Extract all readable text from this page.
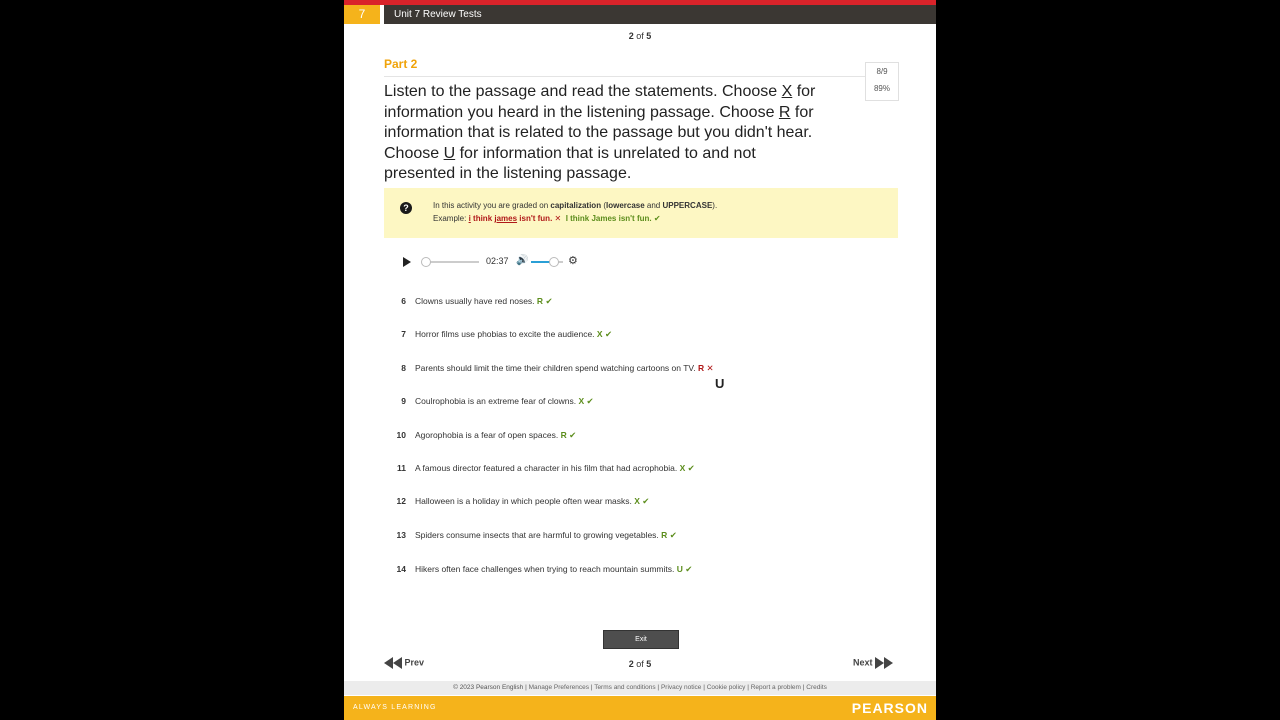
7	Unit 7 Review Tests
2 of 5
Part 2
8/9
89%
Listen to the passage and read the statements. Choose X for information you heard in the listening passage. Choose R for information that is related to the passage but you didn't hear. Choose U for information that is unrelated to and not presented in the listening passage.
?	In this activity you are graded on capitalization (lowercase and UPPERCASE).
Example: i think james isn't fun. ✕ I think James isn't fun. ✔
02:37 🔊	⚙
6 Clowns usually have red noses. R ✔
7 Horror films use phobias to excite the audience. X ✔
8 Parents should limit the time their children spend watching cartoons on TV. R ✕
9 Coulrophobia is an extreme fear of clowns. X ✔
10 Agorophobia is a fear of open spaces. R ✔
11 A famous director featured a character in his film that had acrophobia. X ✔
12 Halloween is a holiday in which people often wear masks. X ✔
13 Spiders consume insects that are harmful to growing vegetables. R ✔
14 Hikers often face challenges when trying to reach mountain summits. U ✔
U
Exit
Prev	2 of 5	Next
© 2023 Pearson English | Manage Preferences | Terms and conditions | Privacy notice | Cookie policy | Report a problem | Credits
ALWAYS LEARNING	PEARSON
